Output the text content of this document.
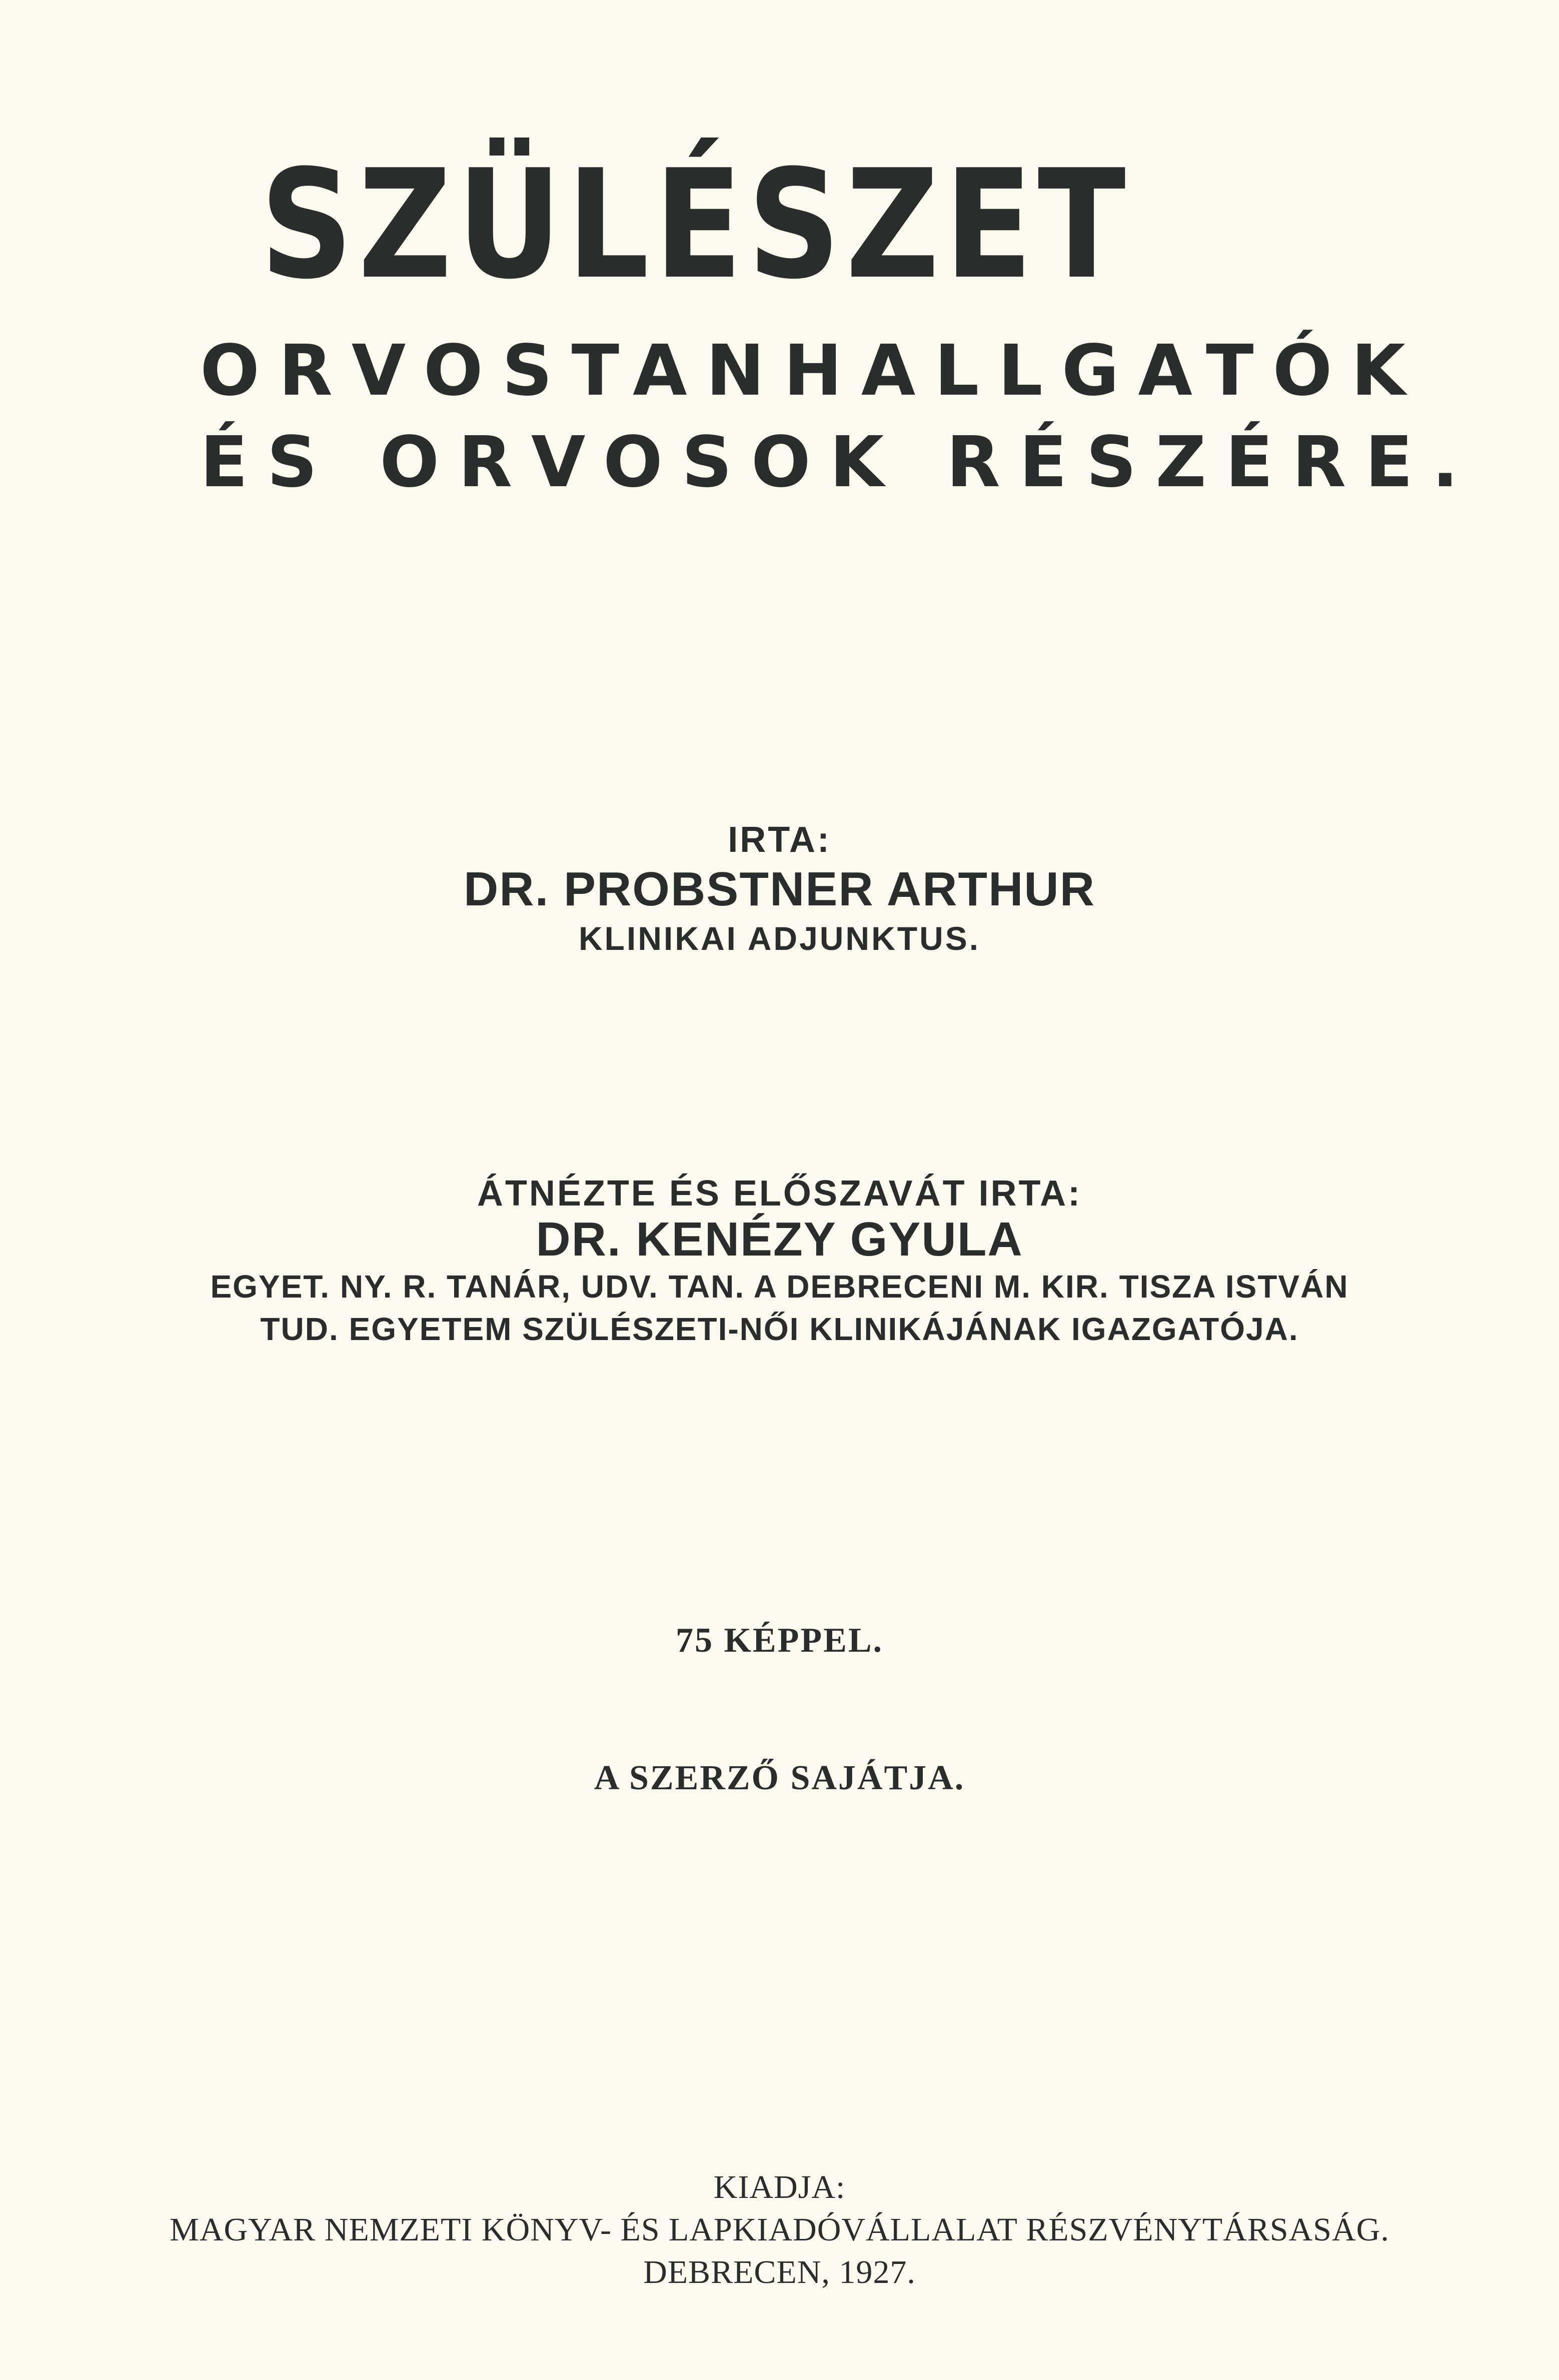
SZÜLÉSZET
ORVOSTANHALLGATÓK
ÉS ORVOSOK RÉSZÉRE.
IRTA:
DR. PROBSTNER ARTHUR
KLINIKAI ADJUNKTUS.
ÁTNÉZTE ÉS ELŐSZAVÁT IRTA:
DR. KENÉZY GYULA
EGYET. NY. R. TANÁR, UDV. TAN. A DEBRECENI M. KIR. TISZA ISTVÁN
TUD. EGYETEM SZÜLÉSZETI-NŐI KLINIKÁJÁNAK IGAZGATÓJA.
75 KÉPPEL.
A SZERZŐ SAJÁTJA.
KIADJA:
MAGYAR NEMZETI KÖNYV- ÉS LAPKIADÓVÁLLALAT RÉSZVÉNYTÁRSASÁG.
DEBRECEN, 1927.
